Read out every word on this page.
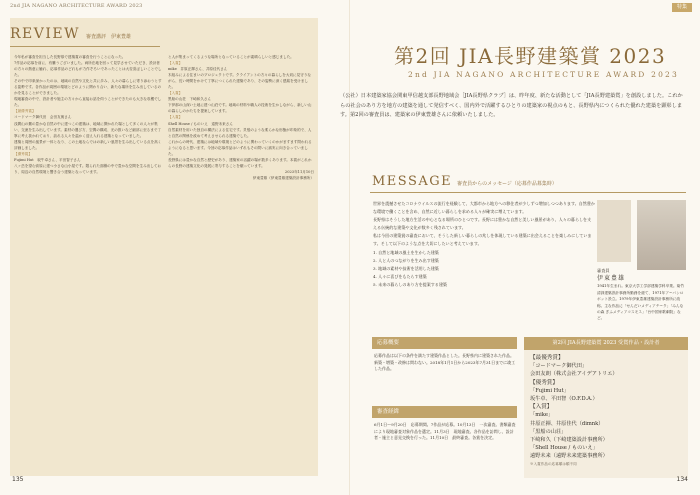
2nd JIA NAGANO ARCHITECTURE AWARD 2023	特集
REVIEW 審査講評　伊東豊雄

今年私が審査を担当した長野県で建築賞の審査を行うことになった。

7作品の応募を前に、有難うございました。両所在地を回って見学させていただき、設計者の方々の熱意に触れ、応募作品のどれもが力作ぞろいであったことは大変喜ばしいことでした。

その中で印象深かったのは、地域の自然や文化と共に歩み、人々の暮らしに寄り添おうとする姿勢です。各作品が周囲の環境とどのように関わり合い、新たな場所を生み出しているのかを見ることができました。

現地審査の中で、設計者や施主の方々から直接お話を伺うことができたのも大きな収穫でした。

【最優秀賞】

コードマーク御代田　会田友朗さん

浅間山の麓の豊かな自然の中に建つこの建築は、地域に開かれた場として多くの人々が集い、交流を生み出しています。素材の選び方、空間の構成、光の扱いなど細部に至るまで丁寧に考え抜かれており、訪れる人々を温かく迎え入れる建築となっていました。

建築と周囲の風景が一体となり、この土地ならではの新しい風景を生み出している点を高く評価しました。

【優秀賞】

Fujimi Hut　坂牛卓さん、平田智子さん

八ヶ岳を望む高原に建つ小さな山小屋です。限られた面積の中で豊かな空間を生み出しており、周辺の自然環境と響き合う建築となっています。

と人が集まってくるような場所となっていることが素晴らしいと感じました。

【入賞】

mike　井原正揮さん、井原佳代さん

木組みによる住まいのプロジェクトです。クライアントの方々の暮らしを大切に見守りながら、長い時間をかけて丁寧につくられた建築であり、その姿勢に深く感銘を受けました。

【入賞】

黒船の山荘　下崎和久さん

下伊那の山深い土地に建つ山荘です。地域の材料や職人の技術を生かしながら、新しい山の暮らしのかたちを提案しています。

【入賞】

Shell House / ものいえ　遠野未来さん

自然素材を用いた独自の構法による住宅です。貝殻のような柔らかな形態が印象的で、人と自然の関係を改めて考えさせられる建築でした。

これからの時代、建築には地域や環境とどのように関わっていくのかがますます問われるようになると思います。今回の応募作品はいずれもその問いに誠実に向き合っていました。

長野県には豊かな自然と歴史があり、建築家の活躍の場が数多くあります。本賞がこれからの長野の建築文化の発展に寄与することを願っています。

2023年11月10日

伊東豊雄（伊東豊雄建築設計事務所）

第2回 JIA長野建築賞 2023
2nd JIA NAGANO ARCHITECTURE AWARD 2023
（公社）日本建築家協会関東甲信越支部長野地域会［JIA長野県クラブ］は、昨年度、新たな活動として「JIA長野建築賞」を創設しました。これからの社会のあり方を地方の建築を通して発信すべく、国内外で活躍するひとりの建築家の視点のもと、長野県内につくられた優れた建築を顕彰します。第2回の審査員は、建築家の伊東豊雄さんに依頼いたしました。
MESSAGE 審査員からのメッセージ（応募作品募集時）

世界を震撼させたコロナウイルスの流行を経験して、大都市から地方への移住者が少しずつ増加しつつあります。自然豊かな環境で働くことを含め、自然に近しい暮らしを求める人々が確実に増えています。

長野県はそうした地方生活の中心となる場所のひとつです。長野には豊かな自然と美しい風景があり、人々の暮らしを支える伝統的な建築や文化が数多く残されています。

私は今回の建築賞の審査において、そうした新しい暮らしの兆しを体現している建築に出会えることを楽しみにしています。そして以下のような点を大切にしたいと考えています。

1. 自然と地域の風土を生かした建築

2. 人と人のつながりを生み出す建築

3. 地域の素材や技術を活用した建築

4. 人々に喜びをもたらす建築

5. 未来の暮らしのあり方を提案する建築

審査員
伊東豊雄
1941年生まれ。東京大学工学部建築学科卒業。菊竹清訓建築設計事務所勤務を経て、1971年アーバンロボット設立。1979年伊東豊雄建築設計事務所に改称。主な作品に「せんだいメディアテーク」「みんなの森 ぎふメディアコスモス」「台中国家歌劇院」など。
応募概要
応募作品は以下の条件を満たす建築作品とした。長野県内に建築された作品。新築・増築・改修は問わない。2018年1月1日から2023年7月31日までに竣工した作品。
審査経緯
6月1日〜9月20日　応募期間。7作品が応募。10月13日　一次審査。書類審査により現地審査対象作品を選定。11月3日　現地審査。各作品を訪問し、設計者・施主と意見交換を行った。11月10日　最終審査。各賞を決定。
第2回 JIA長野建築賞 2023 受賞作品・設計者
【最優秀賞】
「コードマーク御代田」
会田友朗（株式会社アイデアトリエ）
【優秀賞】
「Fujimi Hut」
坂牛卓、平田智（O.F.D.A.）
【入賞】
「mike」
井原正揮、井原佳代（dimnk）
「黒船の山荘」
下崎和久（下崎建築設計事務所）
「Shell House / ものいえ」
遠野未来（遠野未来建築事務所）
※入賞作品の応募順は順不同
135	134
